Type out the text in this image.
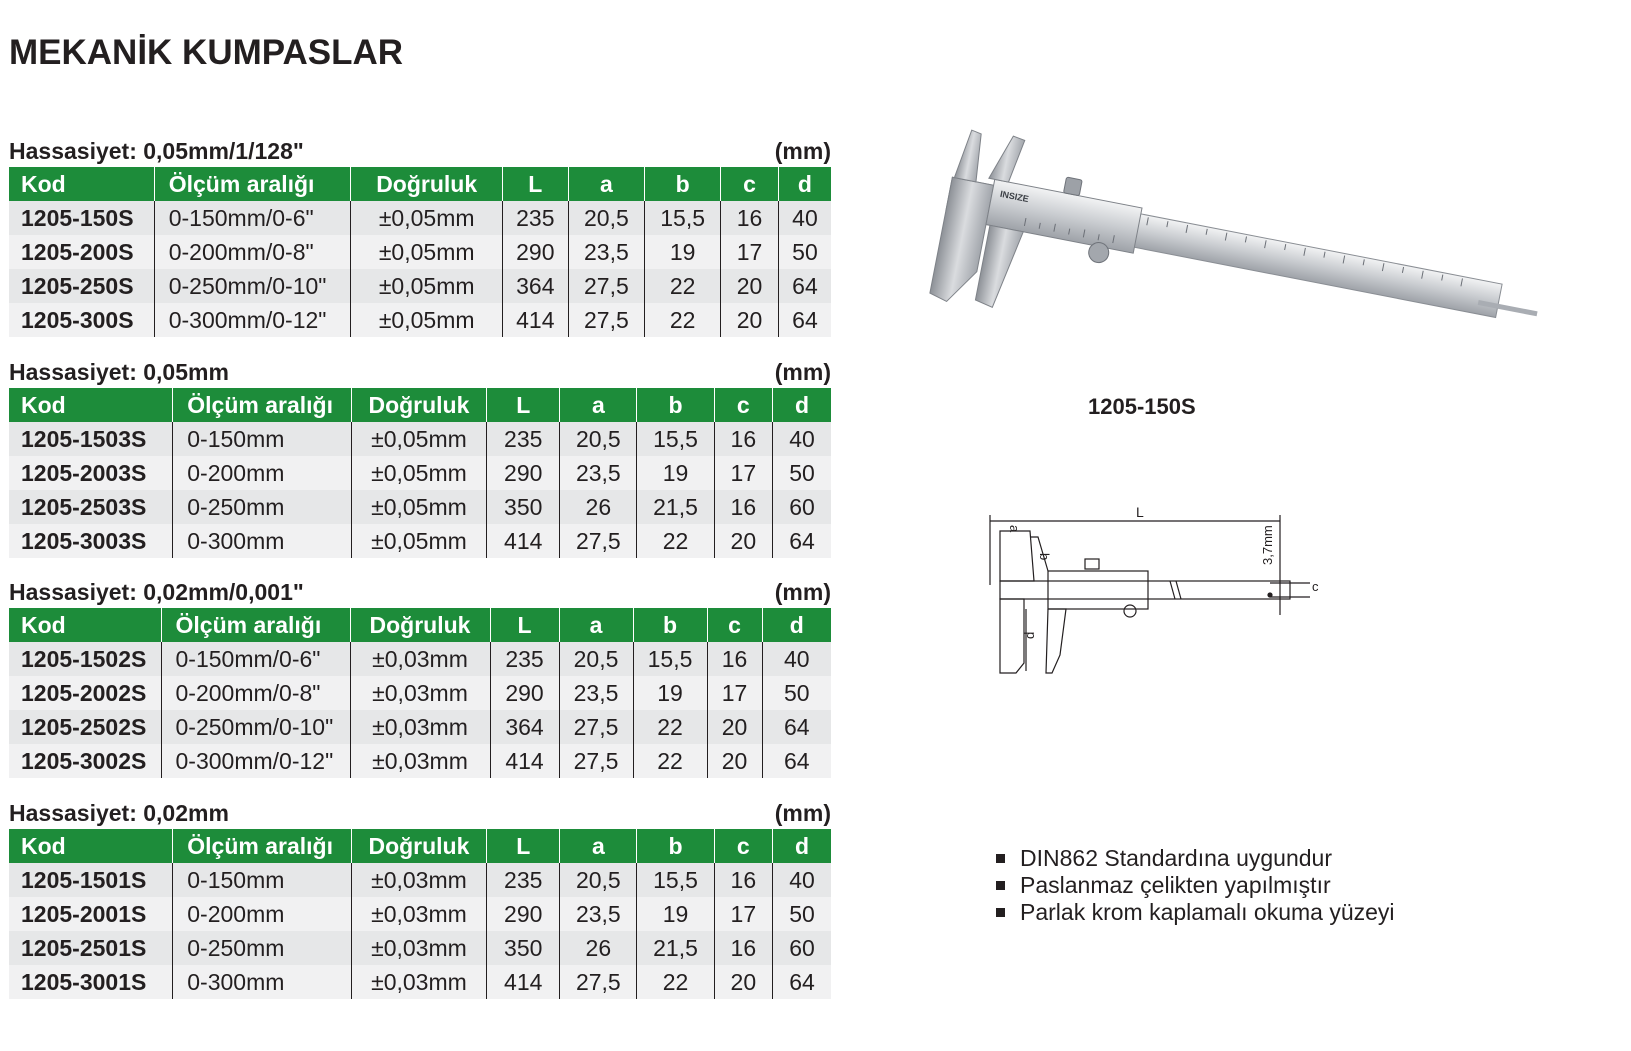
MEKANİK KUMPASLAR
Hassasiyet: 0,05mm/1/128"	(mm)
Kod	Ölçüm aralığı	Doğruluk	L	a	b	c	d
1205-150S	0-150mm/0-6"	±0,05mm	235	20,5	15,5	16	40
1205-200S	0-200mm/0-8"	±0,05mm	290	23,5	19	17	50
1205-250S	0-250mm/0-10"	±0,05mm	364	27,5	22	20	64
1205-300S	0-300mm/0-12"	±0,05mm	414	27,5	22	20	64
Hassasiyet: 0,05mm	(mm)
Kod	Ölçüm aralığı	Doğruluk	L	a	b	c	d
1205-1503S	0-150mm	±0,05mm	235	20,5	15,5	16	40
1205-2003S	0-200mm	±0,05mm	290	23,5	19	17	50
1205-2503S	0-250mm	±0,05mm	350	26	21,5	16	60
1205-3003S	0-300mm	±0,05mm	414	27,5	22	20	64
Hassasiyet: 0,02mm/0,001"	(mm)
Kod	Ölçüm aralığı	Doğruluk	L	a	b	c	d
1205-1502S	0-150mm/0-6"	±0,03mm	235	20,5	15,5	16	40
1205-2002S	0-200mm/0-8"	±0,03mm	290	23,5	19	17	50
1205-2502S	0-250mm/0-10"	±0,03mm	364	27,5	22	20	64
1205-3002S	0-300mm/0-12"	±0,03mm	414	27,5	22	20	64
Hassasiyet: 0,02mm	(mm)
Kod	Ölçüm aralığı	Doğruluk	L	a	b	c	d
1205-1501S	0-150mm	±0,03mm	235	20,5	15,5	16	40
1205-2001S	0-200mm	±0,03mm	290	23,5	19	17	50
1205-2501S	0-250mm	±0,03mm	350	26	21,5	16	60
1205-3001S	0-300mm	±0,03mm	414	27,5	22	20	64
INSIZE
1205-150S
L
a
b	3,7mm
c
d
DIN862 Standardına uygundur
Paslanmaz çelikten yapılmıştır
Parlak krom kaplamalı okuma yüzeyi
